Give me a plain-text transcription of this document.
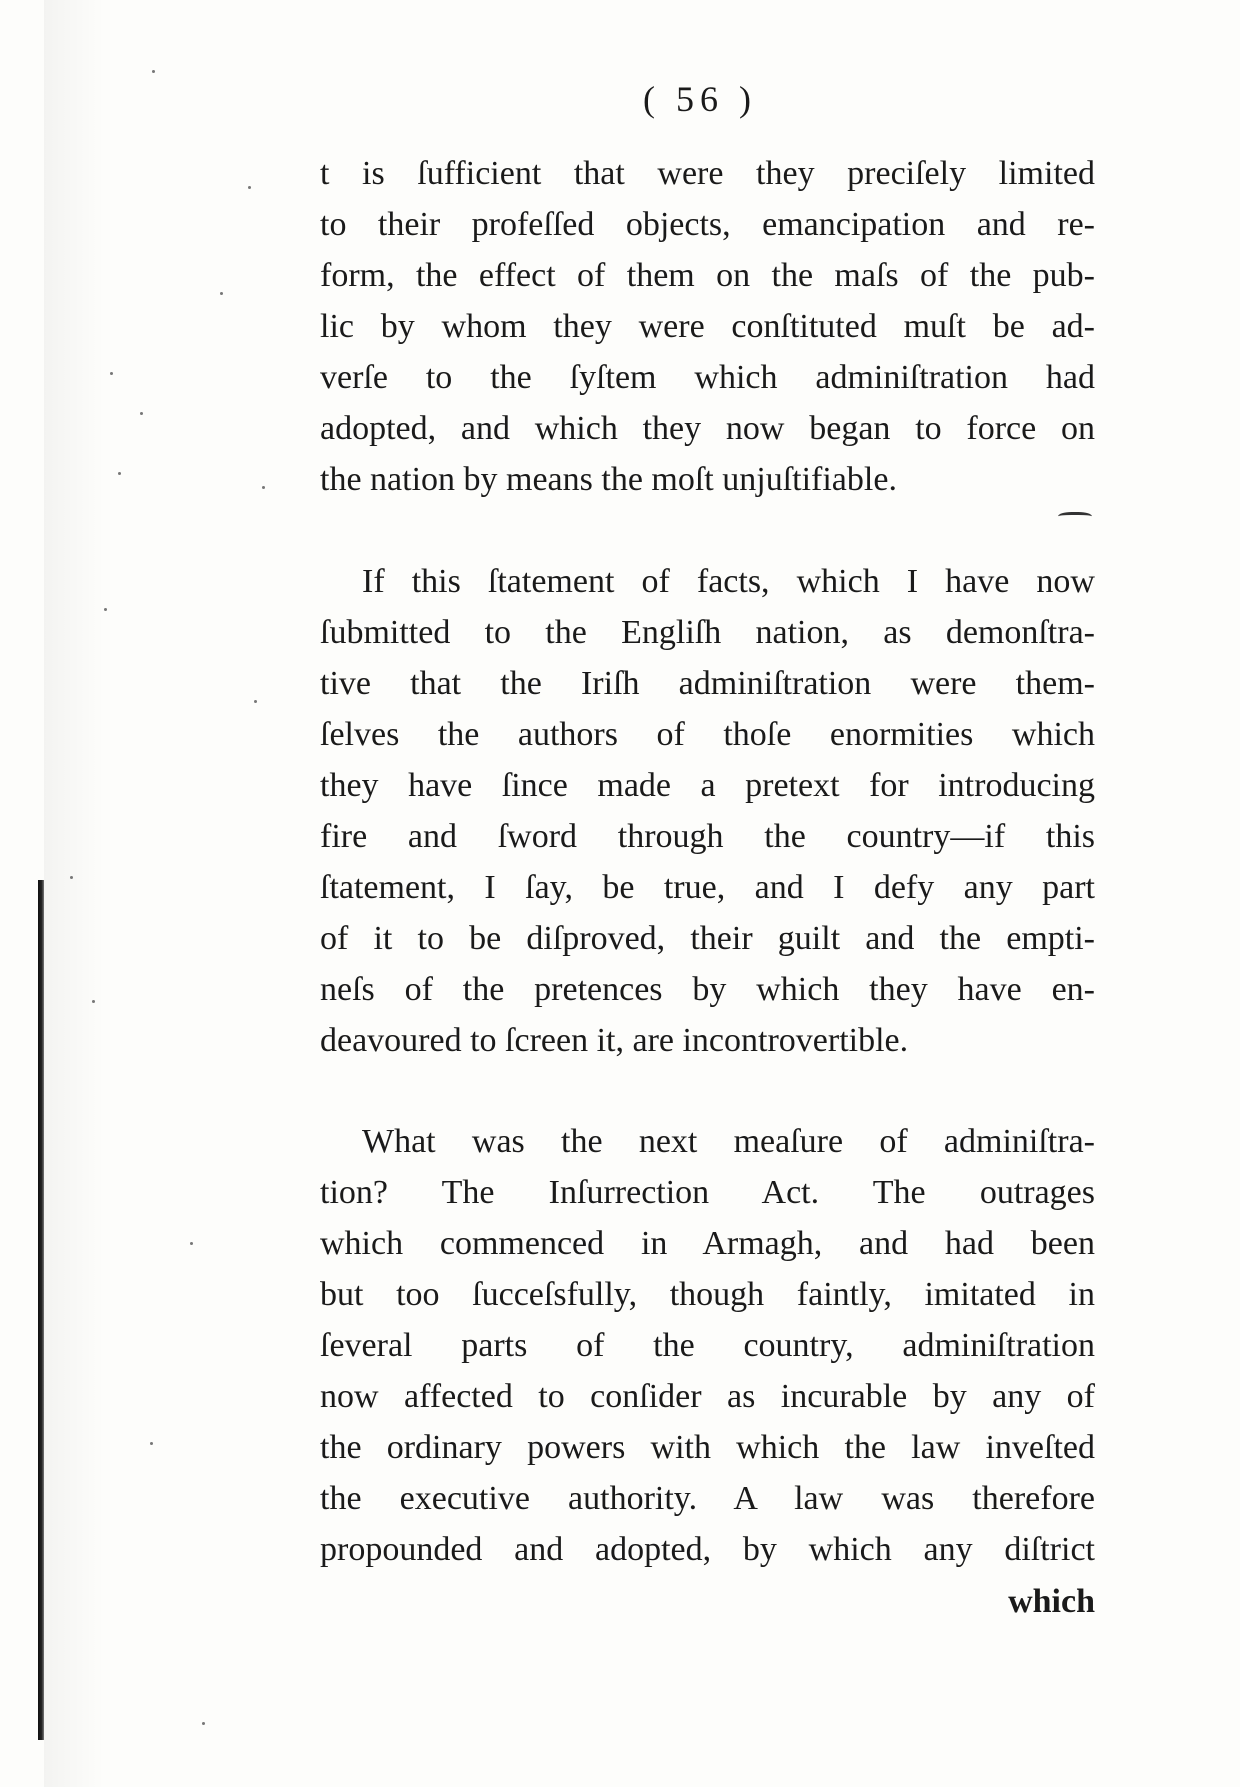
( 56 )
t is ſufficient that were they preciſely limited
to their profeſſed objects, emancipation and re-
form, the effect of them on the maſs of the pub-
lic by whom they were conſtituted muſt be ad-
verſe to the ſyſtem which adminiſtration had
adopted, and which they now began to force on
the nation by means the moſt unjuſtifiable.
If this ſtatement of facts, which I have now
ſubmitted to the Engliſh nation, as demonſtra-
tive that the Iriſh adminiſtration were them-
ſelves the authors of thoſe enormities which
they have ſince made a pretext for introducing
fire and ſword through the country—if this
ſtatement, I ſay, be true, and I defy any part
of it to be diſproved, their guilt and the empti-
neſs of the pretences by which they have en-
deavoured to ſcreen it, are incontrovertible.
What was the next meaſure of adminiſtra-
tion? The Inſurrection Act. The outrages
which commenced in Armagh, and had been
but too ſucceſsfully, though faintly, imitated in
ſeveral parts of the country, adminiſtration
now affected to conſider as incurable by any of
the ordinary powers with which the law inveſted
the executive authority. A law was therefore
propounded and adopted, by which any diſtrict
which
